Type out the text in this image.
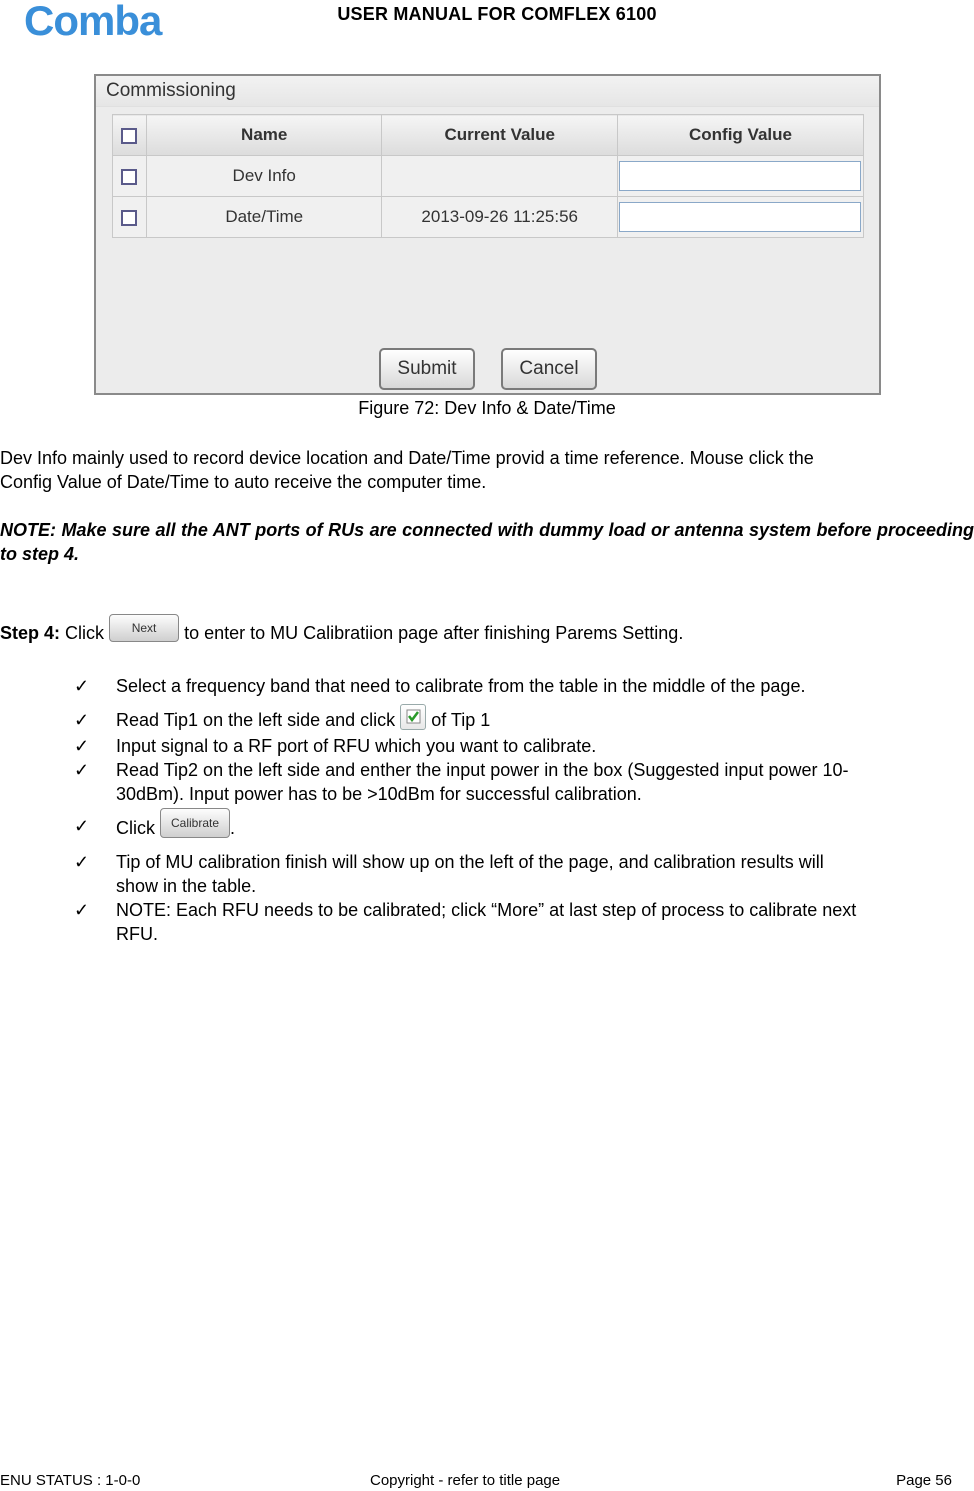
Comba	USER MANUAL FOR COMFLEX 6100
Commissioning
	Name	Current Value	Config Value
	Dev Info		

	Date/Time	2013-09-26 11:25:56	
Submit	Cancel
Figure 72: Dev Info & Date/Time

Dev Info mainly used to record device location and Date/Time provid a time reference. Mouse click the

Config Value of Date/Time to auto receive the computer time.

NOTE: Make sure all the ANT ports of RUs are connected with dummy load or antenna system before proceeding to step 4.

Step 4: Click Next to enter to MU Calibratiion page after finishing Parems Setting.

✓ Select a frequency band that need to calibrate from the table in the middle of the page.
✓ Read Tip1 on the left side and click of Tip 1
✓ Input signal to a RF port of RFU which you want to calibrate.
✓ Read Tip2 on the left side and enther the input power in the box (Suggested input power 10-
30dBm). Input power has to be >10dBm for successful calibration.
✓ Click Calibrate .
✓ Tip of MU calibration finish will show up on the left of the page, and calibration results will
show in the table.
✓ NOTE: Each RFU needs to be calibrated; click “More” at last step of process to calibrate next
RFU.
ENU STATUS : 1-0-0	Copyright - refer to title page	Page 56
